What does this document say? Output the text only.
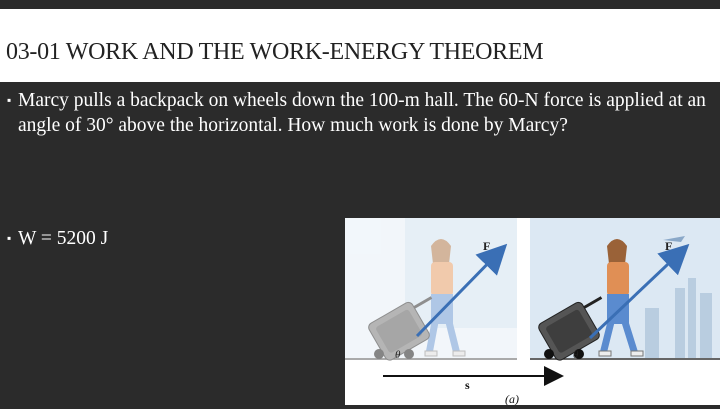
03-01 WORK AND THE WORK-ENERGY THEOREM
▪ Marcy pulls a backpack on wheels down the 100-m hall. The 60-N force is applied at an angle of 30° above the horizontal. How much work is done by Marcy?
▪ W = 5200 J	F
θ
F
θ
s
(a)
